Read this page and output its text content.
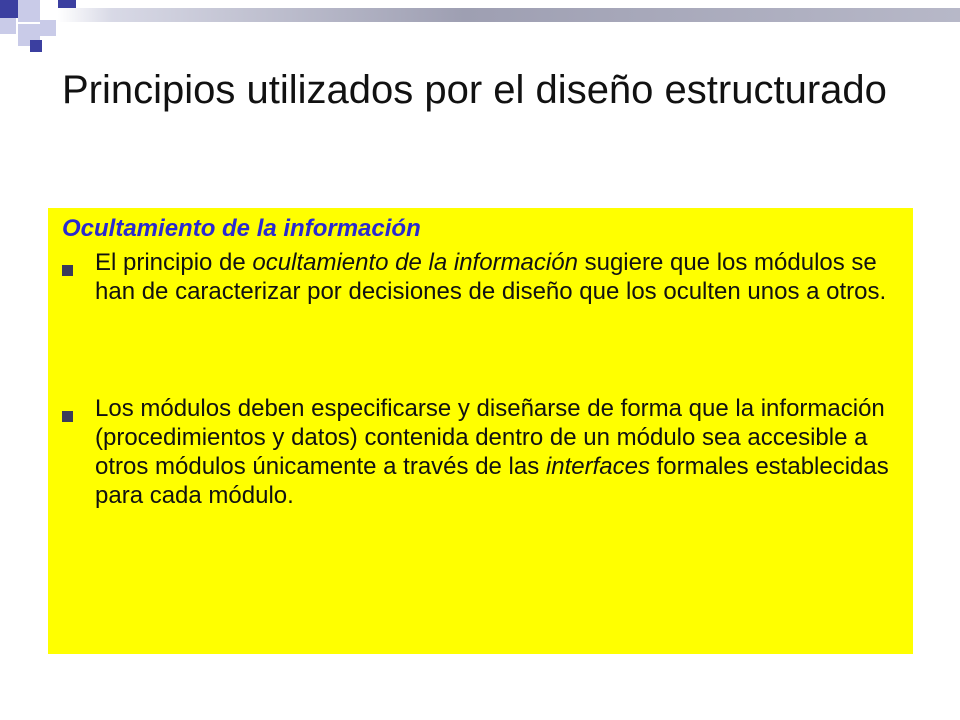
Principios utilizados por el diseño estructurado
Ocultamiento de la información
El principio de ocultamiento de la información sugiere que los módulos se han de caracterizar por decisiones de diseño que los oculten unos a otros.
Los módulos deben especificarse y diseñarse de forma que la información (procedimientos y datos) contenida dentro de un módulo sea accesible a otros módulos únicamente a través de las interfaces formales establecidas para cada módulo.
